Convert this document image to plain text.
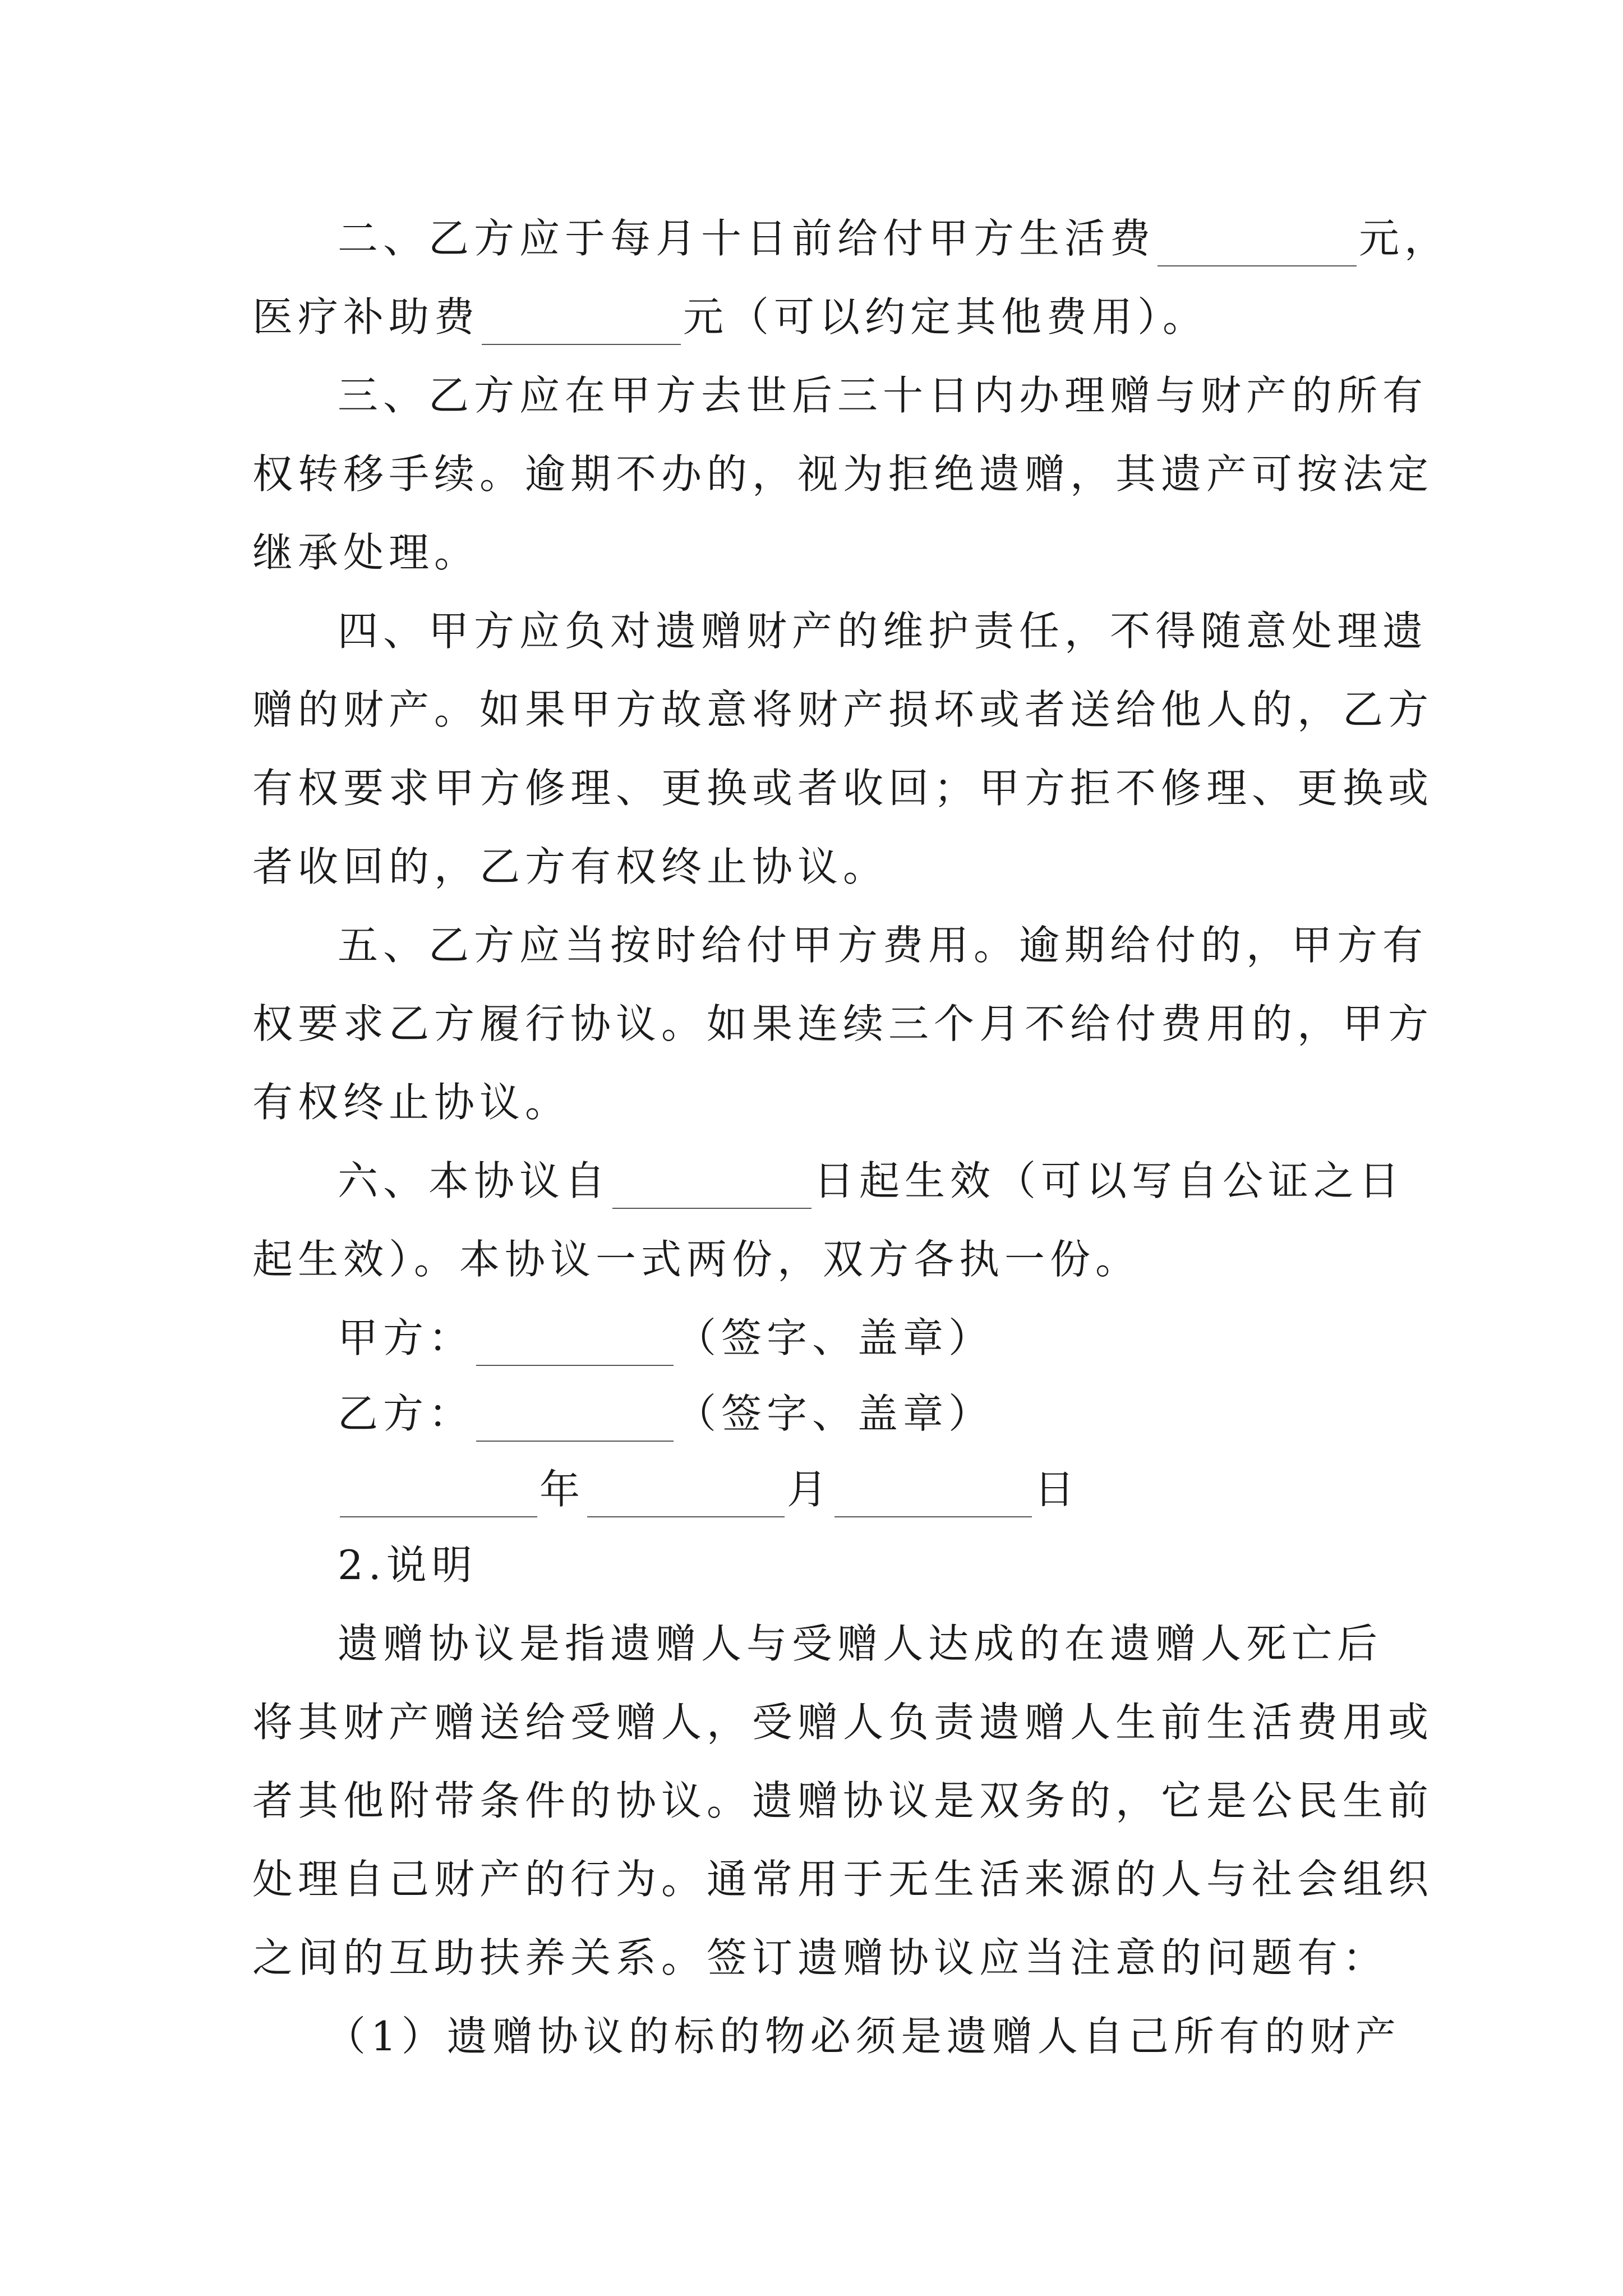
二、乙方应于每月十日前给付甲方生活费	元，
医疗补助费	元（可以约定其他费用）。
三、乙方应在甲方去世后三十日内办理赠与财产的所有
权转移手续。逾期不办的，视为拒绝遗赠，其遗产可按法定
继承处理。
四、甲方应负对遗赠财产的维护责任，不得随意处理遗
赠的财产。如果甲方故意将财产损坏或者送给他人的，乙方
有权要求甲方修理、更换或者收回；甲方拒不修理、更换或
者收回的，乙方有权终止协议。
五、乙方应当按时给付甲方费用。逾期给付的，甲方有
权要求乙方履行协议。如果连续三个月不给付费用的，甲方
有权终止协议。
六、本协议自	日起生效（可以写自公证之日
起生效）。本协议一式两份，双方各执一份。
甲方：	（签字、盖章）
乙方：	（签字、盖章）
年	月	日
2.说明
遗赠协议是指遗赠人与受赠人达成的在遗赠人死亡后
将其财产赠送给受赠人，受赠人负责遗赠人生前生活费用或
者其他附带条件的协议。遗赠协议是双务的，它是公民生前
处理自己财产的行为。通常用于无生活来源的人与社会组织
之间的互助扶养关系。签订遗赠协议应当注意的问题有：
（1）遗赠协议的标的物必须是遗赠人自己所有的财产
